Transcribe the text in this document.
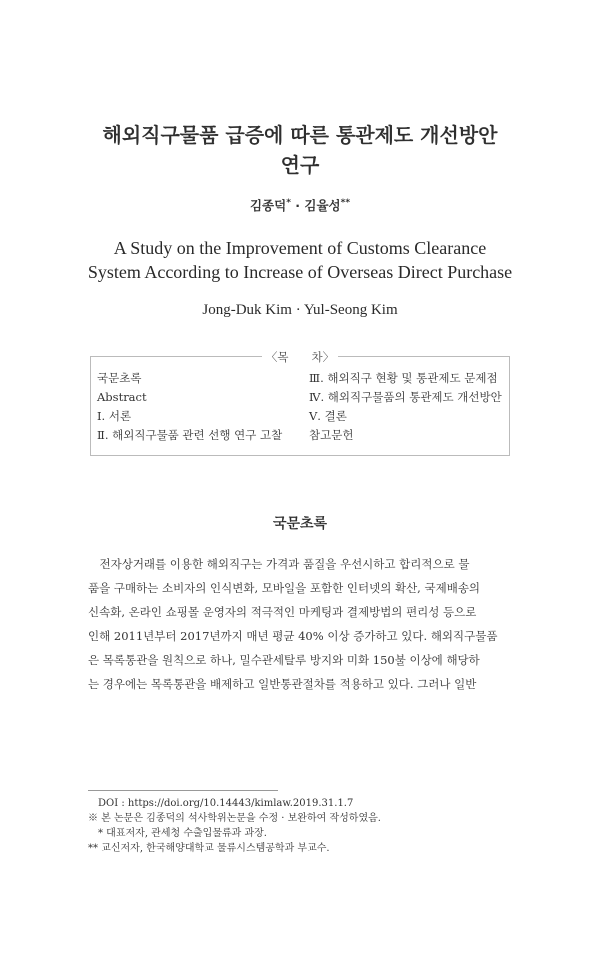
해외직구물품 급증에 따른 통관제도 개선방안
연구
김종덕* · 김율성**
A Study on the Improvement of Customs Clearance
System According to Increase of Overseas Direct Purchase
Jong-Duk Kim · Yul-Seong Kim
〈목　　차〉
국문초록
Abstract
Ⅰ. 서론
Ⅱ. 해외직구물품 관련 선행 연구 고찰
Ⅲ. 해외직구 현황 및 통관제도 문제점
Ⅳ. 해외직구물품의 통관제도 개선방안
Ⅴ. 결론
참고문헌
국문초록
　전자상거래를 이용한 해외직구는 가격과 품질을 우선시하고 합리적으로 물
품을 구매하는 소비자의 인식변화, 모바일을 포함한 인터넷의 확산, 국제배송의
신속화, 온라인 쇼핑몰 운영자의 적극적인 마케팅과 결제방법의 편리성 등으로
인해 2011년부터 2017년까지 매년 평균 40% 이상 증가하고 있다. 해외직구물품
은 목록통관을 원칙으로 하나, 밀수관세탈루 방지와 미화 150불 이상에 해당하
는 경우에는 목록통관을 배제하고 일반통관절차를 적용하고 있다. 그러나 일반
DOI : https://doi.org/10.14443/kimlaw.2019.31.1.7
※ 본 논문은 김종덕의 석사학위논문을 수정 · 보완하여 작성하였음.
　* 대표저자, 관세청 수출입물류과 과장.
** 교신저자, 한국해양대학교 물류시스템공학과 부교수.
